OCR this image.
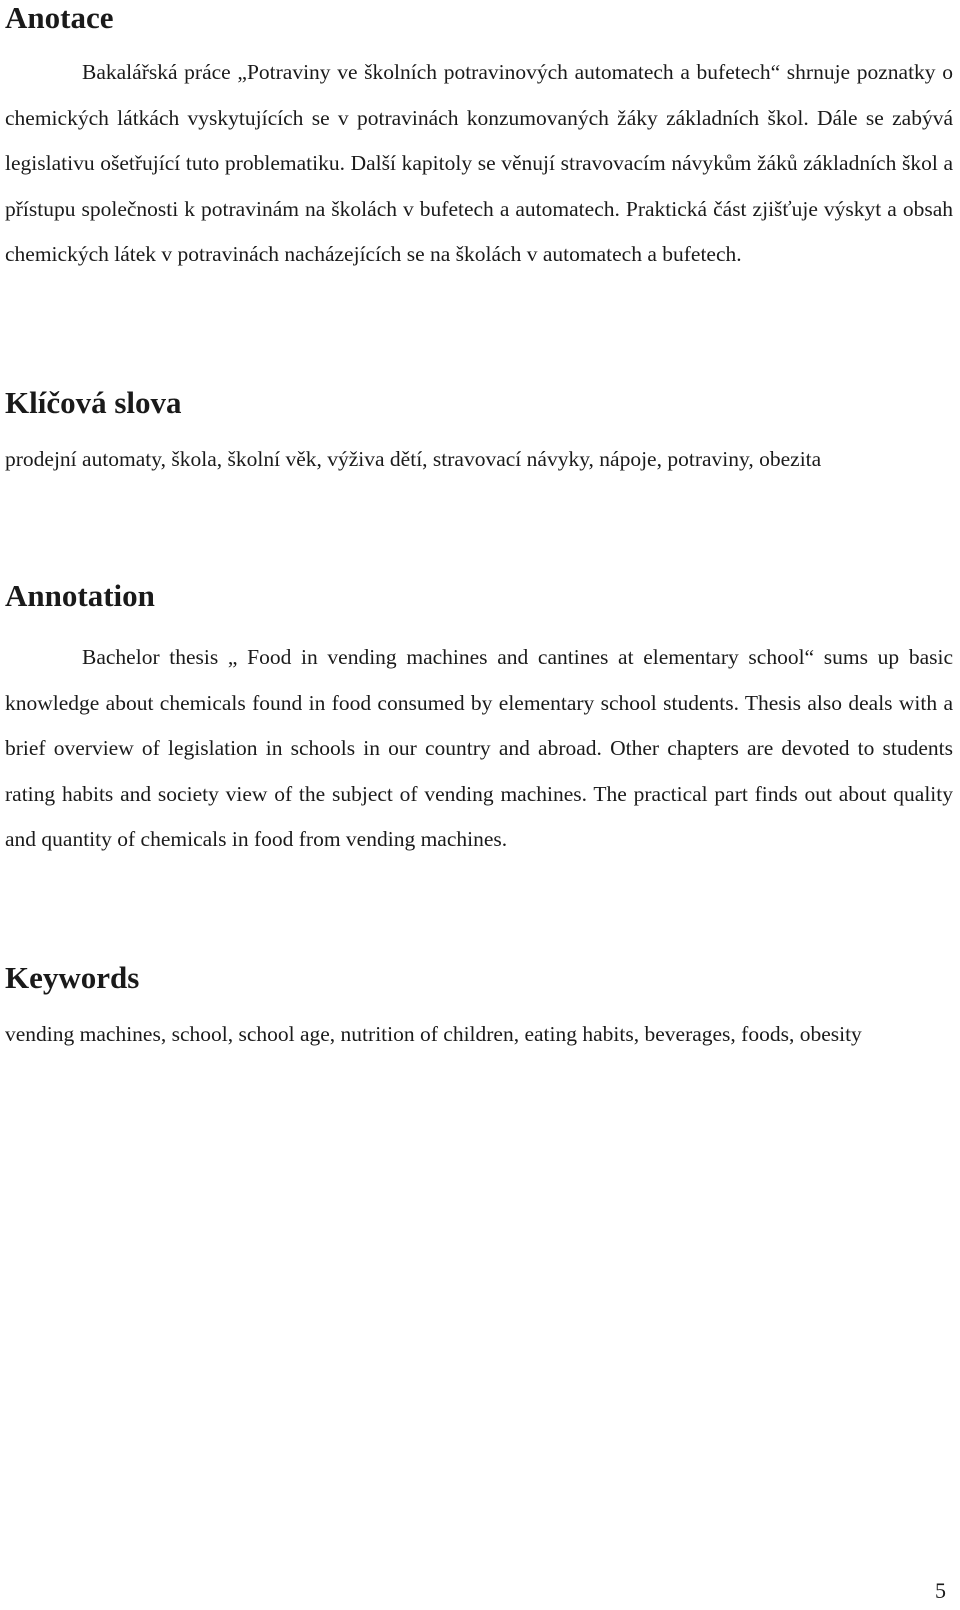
Anotace

Bakalářská práce „Potraviny ve školních potravinových automatech a bufetech“ shrnuje poznatky o chemických látkách vyskytujících se v potravinách konzumovaných žáky základních škol. Dále se zabývá legislativu ošetřující tuto problematiku. Další kapitoly se věnují stravovacím návykům žáků základních škol a přístupu společnosti k potravinám na školách v bufetech a automatech. Praktická část zjišťuje výskyt a obsah chemických látek v potravinách nacházejících se na školách v automatech a bufetech.

Klíčová slova

prodejní automaty, škola, školní věk, výživa dětí, stravovací návyky, nápoje, potraviny, obezita

Annotation

Bachelor thesis „ Food in vending machines and cantines at elementary school“ sums up basic knowledge about chemicals found in food consumed by elementary school students. Thesis also deals with a brief overview of legislation in schools in our country and abroad. Other chapters are devoted to students rating habits and society view of the subject of vending machines. The practical part finds out about quality and quantity of chemicals in food from vending machines.

Keywords

vending machines, school, school age, nutrition of children, eating habits, beverages, foods, obesity

5
